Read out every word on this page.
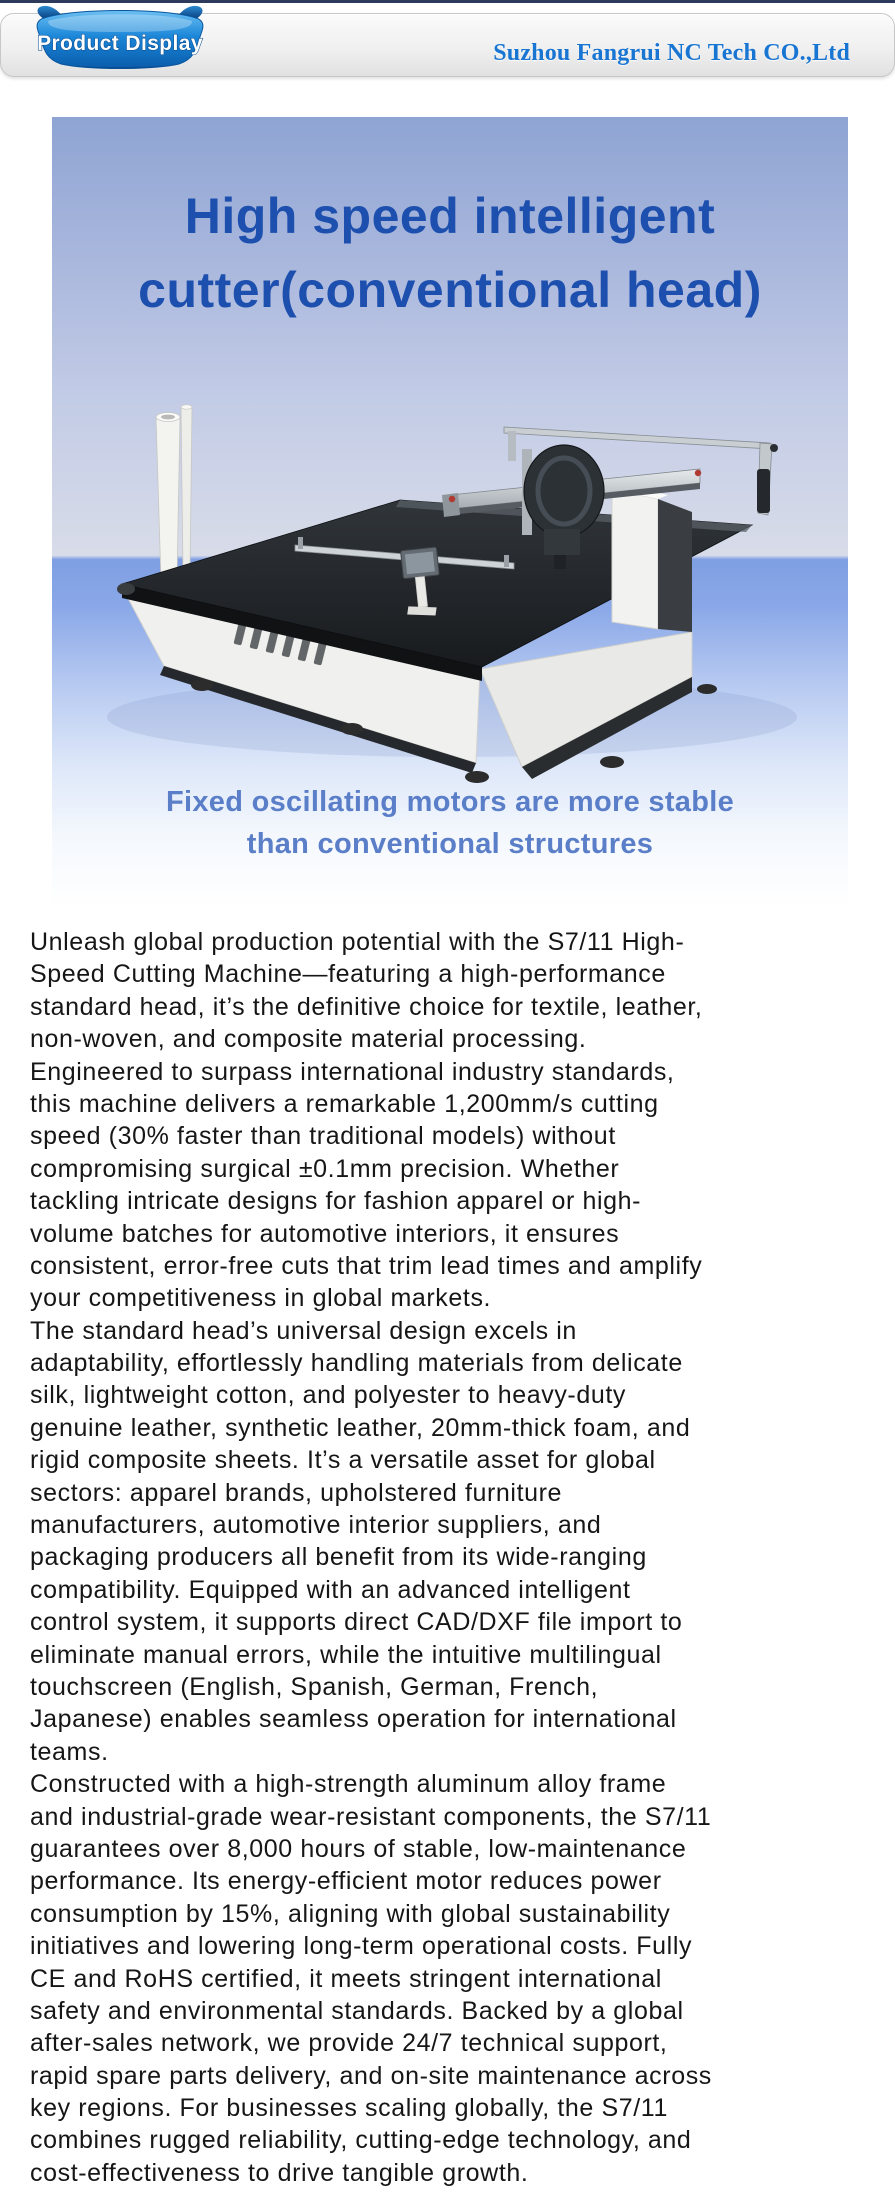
Product Display	Suzhou Fangrui NC Tech CO.,Ltd
High speed intelligent
cutter(conventional head)
Fixed oscillating motors are more stable
than conventional structures
Unleash global production potential with the S7/11 High-
Speed Cutting Machine—featuring a high-performance
standard head, it’s the definitive choice for textile, leather,
non-woven, and composite material processing.
Engineered to surpass international industry standards,
this machine delivers a remarkable 1,200mm/s cutting
speed (30% faster than traditional models) without
compromising surgical ±0.1mm precision. Whether
tackling intricate designs for fashion apparel or high-
volume batches for automotive interiors, it ensures
consistent, error-free cuts that trim lead times and amplify
your competitiveness in global markets.
The standard head’s universal design excels in
adaptability, effortlessly handling materials from delicate
silk, lightweight cotton, and polyester to heavy-duty
genuine leather, synthetic leather, 20mm-thick foam, and
rigid composite sheets. It’s a versatile asset for global
sectors: apparel brands, upholstered furniture
manufacturers, automotive interior suppliers, and
packaging producers all benefit from its wide-ranging
compatibility. Equipped with an advanced intelligent
control system, it supports direct CAD/DXF file import to
eliminate manual errors, while the intuitive multilingual
touchscreen (English, Spanish, German, French,
Japanese) enables seamless operation for international
teams.
Constructed with a high-strength aluminum alloy frame
and industrial-grade wear-resistant components, the S7/11
guarantees over 8,000 hours of stable, low-maintenance
performance. Its energy-efficient motor reduces power
consumption by 15%, aligning with global sustainability
initiatives and lowering long-term operational costs. Fully
CE and RoHS certified, it meets stringent international
safety and environmental standards. Backed by a global
after-sales network, we provide 24/7 technical support,
rapid spare parts delivery, and on-site maintenance across
key regions. For businesses scaling globally, the S7/11
combines rugged reliability, cutting-edge technology, and
cost-effectiveness to drive tangible growth.
